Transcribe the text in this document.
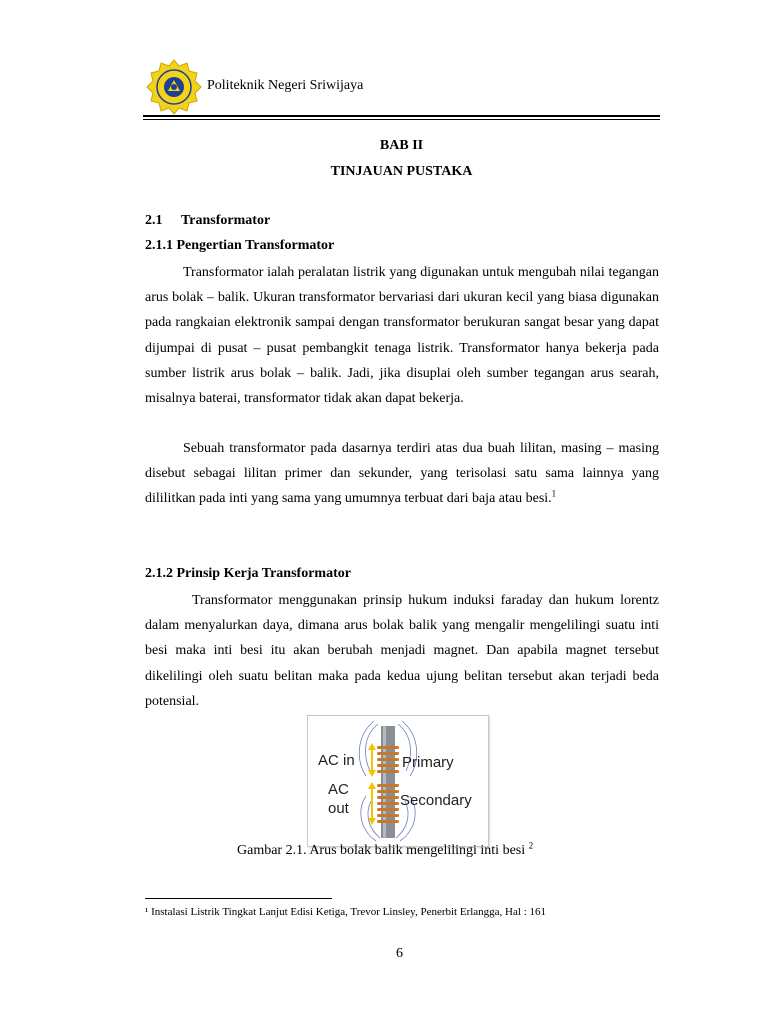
Politeknik Negeri Sriwijaya
BAB II
TINJAUAN PUSTAKA
2.1 Transformator
2.1.1 Pengertian Transformator

Transformator ialah peralatan listrik yang digunakan untuk mengubah nilai tegangan arus bolak – balik. Ukuran transformator bervariasi dari ukuran kecil yang biasa digunakan pada rangkaian elektronik sampai dengan transformator berukuran sangat besar yang dapat dijumpai di pusat – pusat pembangkit tenaga listrik. Transformator hanya bekerja pada sumber listrik arus bolak – balik. Jadi, jika disuplai oleh sumber tegangan arus searah, misalnya baterai, transformator tidak akan dapat bekerja.

Sebuah transformator pada dasarnya terdiri atas dua buah lilitan, masing – masing disebut sebagai lilitan primer dan sekunder, yang terisolasi satu sama lainnya yang dililitkan pada inti yang sama yang umumnya terbuat dari baja atau besi.$^1$

2.1.2 Prinsip Kerja Transformator

Transformator menggunakan prinsip hukum induksi faraday dan hukum lorentz dalam menyalurkan daya, dimana arus bolak balik yang mengalir mengelilingi suatu inti besi maka inti besi itu akan berubah menjadi magnet. Dan apabila magnet tersebut dikelilingi oleh suatu belitan maka pada kedua ujung belitan tersebut akan terjadi beda potensial.

AC in
AC
out
Primary
Secondary
Gambar 2.1. Arus bolak balik mengelilingi inti besi $^2$
¹ Instalasi Listrik Tingkat Lanjut Edisi Ketiga, Trevor Linsley, Penerbit Erlangga, Hal : 161
6
